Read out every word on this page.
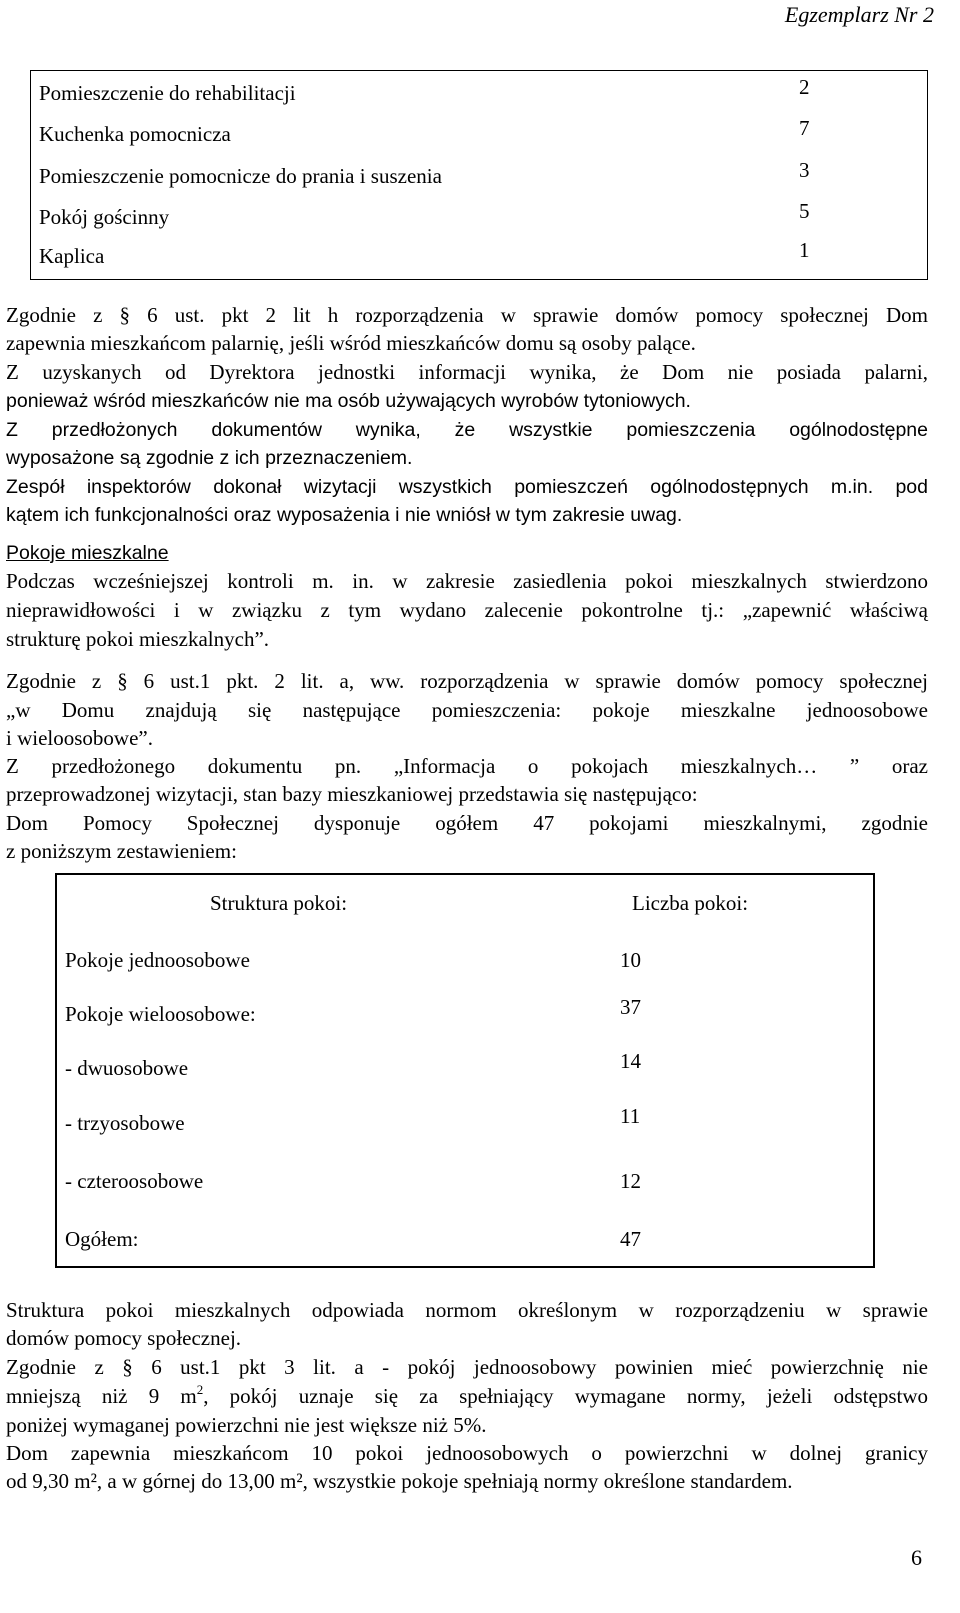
Egzemplarz Nr 2
Pomieszczenie do rehabilitacji	2
Kuchenka pomocnicza	7
Pomieszczenie pomocnicze do prania i suszenia	3
Pokój gościnny	5
Kaplica	1
Zgodnie z § 6 ust. pkt 2 lit h rozporządzenia w sprawie domów pomocy społecznej Dom
zapewnia mieszkańcom palarnię, jeśli wśród mieszkańców domu są osoby palące.
Z uzyskanych od Dyrektora jednostki informacji wynika, że Dom nie posiada palarni,
ponieważ wśród mieszkańców nie ma osób używających wyrobów tytoniowych.
Z przedłożonych dokumentów wynika, że wszystkie pomieszczenia ogólnodostępne
wyposażone są zgodnie z ich przeznaczeniem.
Zespół inspektorów dokonał wizytacji wszystkich pomieszczeń ogólnodostępnych m.in. pod
kątem ich funkcjonalności oraz wyposażenia i nie wniósł w tym zakresie uwag.
Pokoje mieszkalne
Podczas wcześniejszej kontroli m. in. w zakresie zasiedlenia pokoi mieszkalnych stwierdzono
nieprawidłowości i w związku z tym wydano zalecenie pokontrolne tj.: „zapewnić właściwą
strukturę pokoi mieszkalnych”.
Zgodnie z § 6 ust.1 pkt. 2 lit. a, ww. rozporządzenia w sprawie domów pomocy społecznej
„w Domu znajdują się następujące pomieszczenia: pokoje mieszkalne jednoosobowe
i wieloosobowe”.
Z przedłożonego dokumentu pn. „Informacja o pokojach mieszkalnych… ” oraz
przeprowadzonej wizytacji, stan bazy mieszkaniowej przedstawia się następująco:
Dom Pomocy Społecznej dysponuje ogółem 47 pokojami mieszkalnymi, zgodnie
z poniższym zestawieniem:
Struktura pokoi:	Liczba pokoi:
Pokoje jednoosobowe	10
Pokoje wieloosobowe:	37
- dwuosobowe	14
- trzyosobowe	11
- czteroosobowe	12
Ogółem:	47
Struktura pokoi mieszkalnych odpowiada normom określonym w rozporządzeniu w sprawie
domów pomocy społecznej.
Zgodnie z § 6 ust.1 pkt 3 lit. a - pokój jednoosobowy powinien mieć powierzchnię nie
mniejszą niż 9 $m^2$, pokój uznaje się za spełniający wymagane normy, jeżeli odstępstwo
poniżej wymaganej powierzchni nie jest większe niż 5%.
Dom zapewnia mieszkańcom 10 pokoi jednoosobowych o powierzchni w dolnej granicy
od 9,30 m², a w górnej do 13,00 m², wszystkie pokoje spełniają normy określone standardem.
6
